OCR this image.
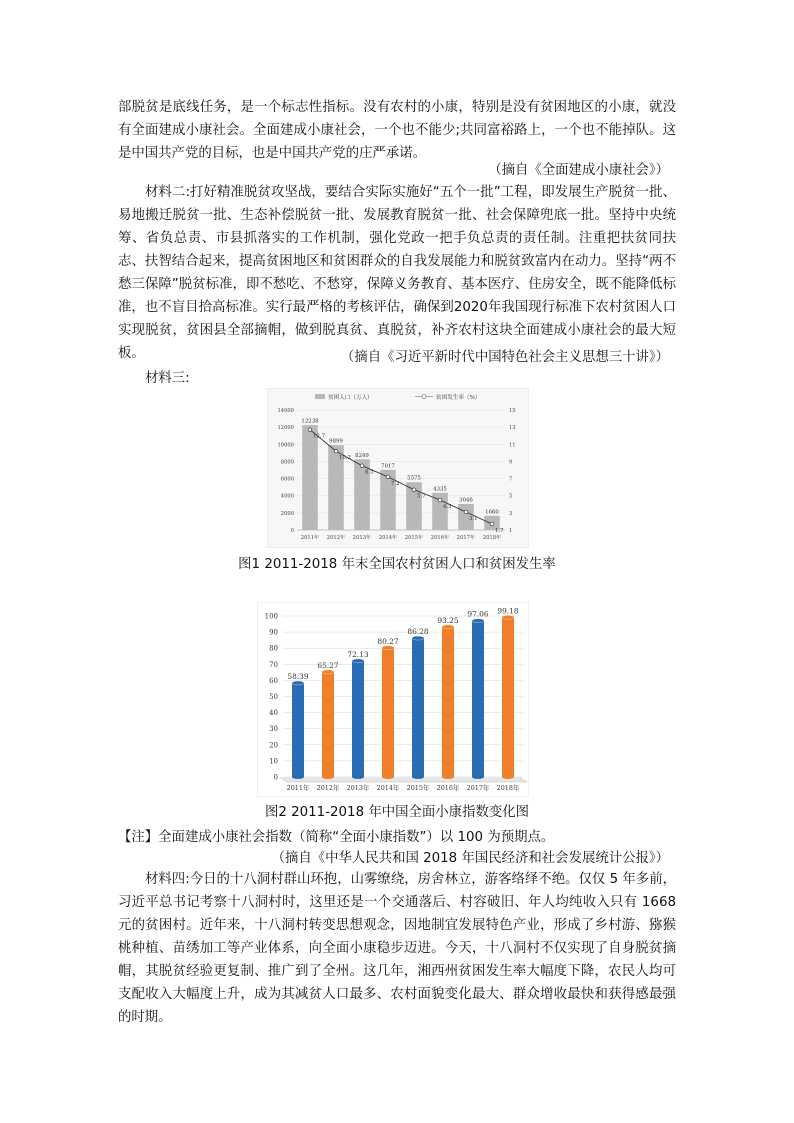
部脱贫是底线任务，是一个标志性指标。没有农村的小康，特别是没有贫困地区的小康，就没有全面建成小康社会。全面建成小康社会，一个也不能少;共同富裕路上，一个也不能掉队。这是中国共产党的目标，也是中国共产党的庄严承诺。

（摘自《全面建成小康社会》）

材料二:打好精准脱贫攻坚战，要结合实际实施好“五个一批”工程，即发展生产脱贫一批、易地搬迁脱贫一批、生态补偿脱贫一批、发展教育脱贫一批、社会保障兜底一批。坚持中央统筹、省负总责、市县抓落实的工作机制，强化党政一把手负总责的责任制。注重把扶贫同扶志、扶智结合起来，提高贫困地区和贫困群众的自我发展能力和脱贫致富内在动力。坚持“两不愁三保障”脱贫标准，即不愁吃、不愁穿，保障义务教育、基本医疗、住房安全，既不能降低标准，也不盲目拾高标准。实行最严格的考核评估，确保到2020年我国现行标准下农村贫困人口实现脱贫，贫困县全部摘帽，做到脱真贫、真脱贫，补齐农村这块全面建成小康社会的最大短板。	（摘自《习近平新时代中国特色社会主义思想三十讲》）
材料三:
0
2000
4000
6000
8000
10000
12000
14000
1
3
5
7
9
11
13
15
贫困人口（万人）	贫困发生率（%）
12238
2011年
9899
2012年
8249
2013年
7017
2014年
5575
2015年
4335
2016年
3046
2017年
1660
2018年
12.7
10.2
8.5
7.2
5.7
4.5
3.1
1.7
图1 2011-2018 年末全国农村贫困人口和贫困发生率
0
10
20
30
40
50
60
70
80
90
100
58.39
2011年
65.27
2012年
72.13
2013年
80.27
2014年
86.28
2015年
93.25
2016年
97.06
2017年
99.18
2018年
图2 2011-2018 年中国全面小康指数变化图
【注】全面建成小康社会指数（简称“全面小康指数”）以 100 为预期点。
（摘自《中华人民共和国 2018 年国民经济和社会发展统计公报》）

材料四:今日的十八洞村群山环抱，山雾缭绕，房舍林立，游客络绎不绝。仅仅 5 年多前，习近平总书记考察十八洞村时，这里还是一个交通落后、村容破旧、年人均纯收入只有 1668 元的贫困村。近年来，十八洞村转变思想观念，因地制宜发展特色产业，形成了乡村游、猕猴桃种植、苗绣加工等产业体系，向全面小康稳步迈进。今天，十八洞村不仅实现了自身脱贫摘帽，其脱贫经验更复制、推广到了全州。这几年，湘西州贫困发生率大幅度下降，农民人均可支配收入大幅度上升，成为其减贫人口最多、农村面貌变化最大、群众增收最快和获得感最强的时期。
